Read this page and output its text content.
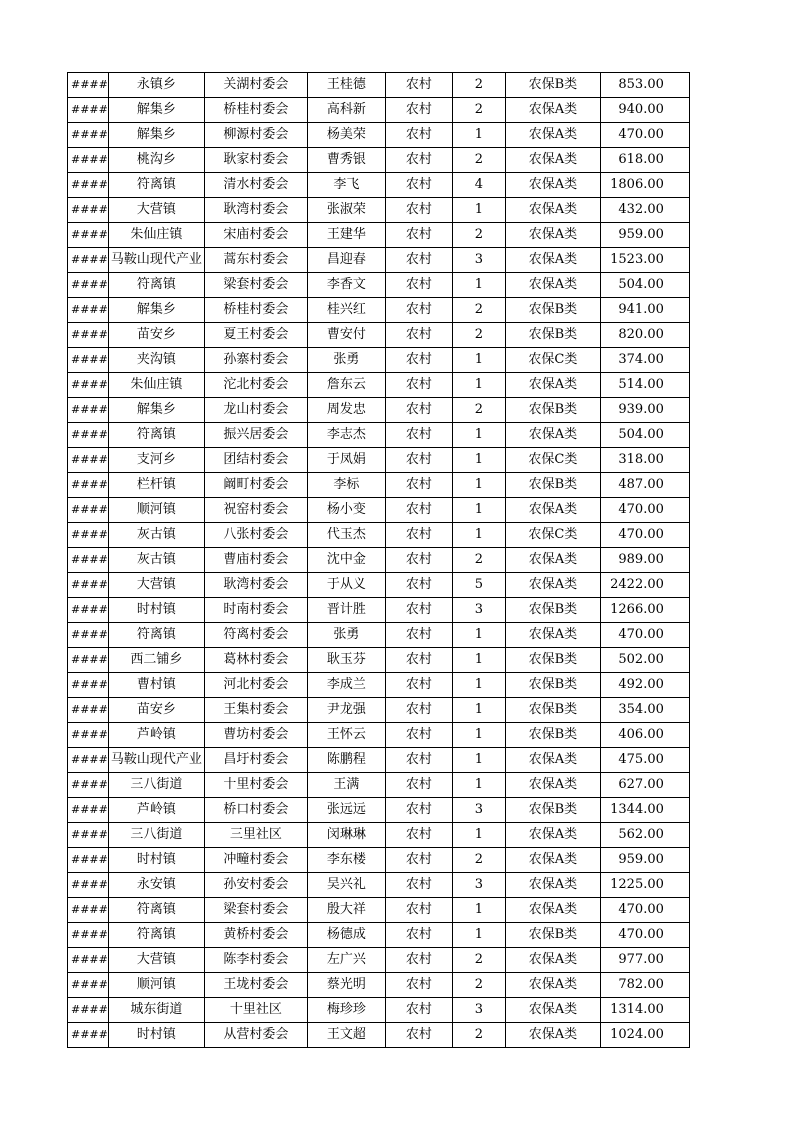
####	永镇乡	关湖村委会	王桂德	农村	2	农保B类	853.00
####	解集乡	桥桂村委会	高科新	农村	2	农保A类	940.00
####	解集乡	柳源村委会	杨美荣	农村	1	农保A类	470.00
####	桃沟乡	耿家村委会	曹秀银	农村	2	农保A类	618.00
####	符离镇	清水村委会	李飞	农村	4	农保A类	1806.00
####	大营镇	耿湾村委会	张淑荣	农村	1	农保A类	432.00
####	朱仙庄镇	宋庙村委会	王建华	农村	2	农保A类	959.00
####	马鞍山现代产业	蒿东村委会	昌迎春	农村	3	农保A类	1523.00
####	符离镇	梁套村委会	李香文	农村	1	农保A类	504.00
####	解集乡	桥桂村委会	桂兴红	农村	2	农保B类	941.00
####	苗安乡	夏王村委会	曹安付	农村	2	农保B类	820.00
####	夹沟镇	孙寨村委会	张勇	农村	1	农保C类	374.00
####	朱仙庄镇	沱北村委会	詹东云	农村	1	农保A类	514.00
####	解集乡	龙山村委会	周发忠	农村	2	农保B类	939.00
####	符离镇	振兴居委会	李志杰	农村	1	农保A类	504.00
####	支河乡	团结村委会	于凤娟	农村	1	农保C类	318.00
####	栏杆镇	阚町村委会	李标	农村	1	农保B类	487.00
####	顺河镇	祝窑村委会	杨小变	农村	1	农保A类	470.00
####	灰古镇	八张村委会	代玉杰	农村	1	农保C类	470.00
####	灰古镇	曹庙村委会	沈中金	农村	2	农保A类	989.00
####	大营镇	耿湾村委会	于从义	农村	5	农保A类	2422.00
####	时村镇	时南村委会	晋计胜	农村	3	农保B类	1266.00
####	符离镇	符离村委会	张勇	农村	1	农保A类	470.00
####	西二铺乡	葛林村委会	耿玉芬	农村	1	农保B类	502.00
####	曹村镇	河北村委会	李成兰	农村	1	农保B类	492.00
####	苗安乡	王集村委会	尹龙强	农村	1	农保B类	354.00
####	芦岭镇	曹坊村委会	王怀云	农村	1	农保B类	406.00
####	马鞍山现代产业	昌圩村委会	陈鹏程	农村	1	农保A类	475.00
####	三八街道	十里村委会	王满	农村	1	农保A类	627.00
####	芦岭镇	桥口村委会	张远远	农村	3	农保B类	1344.00
####	三八街道	三里社区	闵琳琳	农村	1	农保A类	562.00
####	时村镇	冲疃村委会	李东楼	农村	2	农保A类	959.00
####	永安镇	孙安村委会	吴兴礼	农村	3	农保A类	1225.00
####	符离镇	梁套村委会	殷大祥	农村	1	农保A类	470.00
####	符离镇	黄桥村委会	杨德成	农村	1	农保B类	470.00
####	大营镇	陈李村委会	左广兴	农村	2	农保A类	977.00
####	顺河镇	王垅村委会	蔡光明	农村	2	农保A类	782.00
####	城东街道	十里社区	梅珍珍	农村	3	农保A类	1314.00
####	时村镇	从营村委会	王文超	农村	2	农保A类	1024.00
